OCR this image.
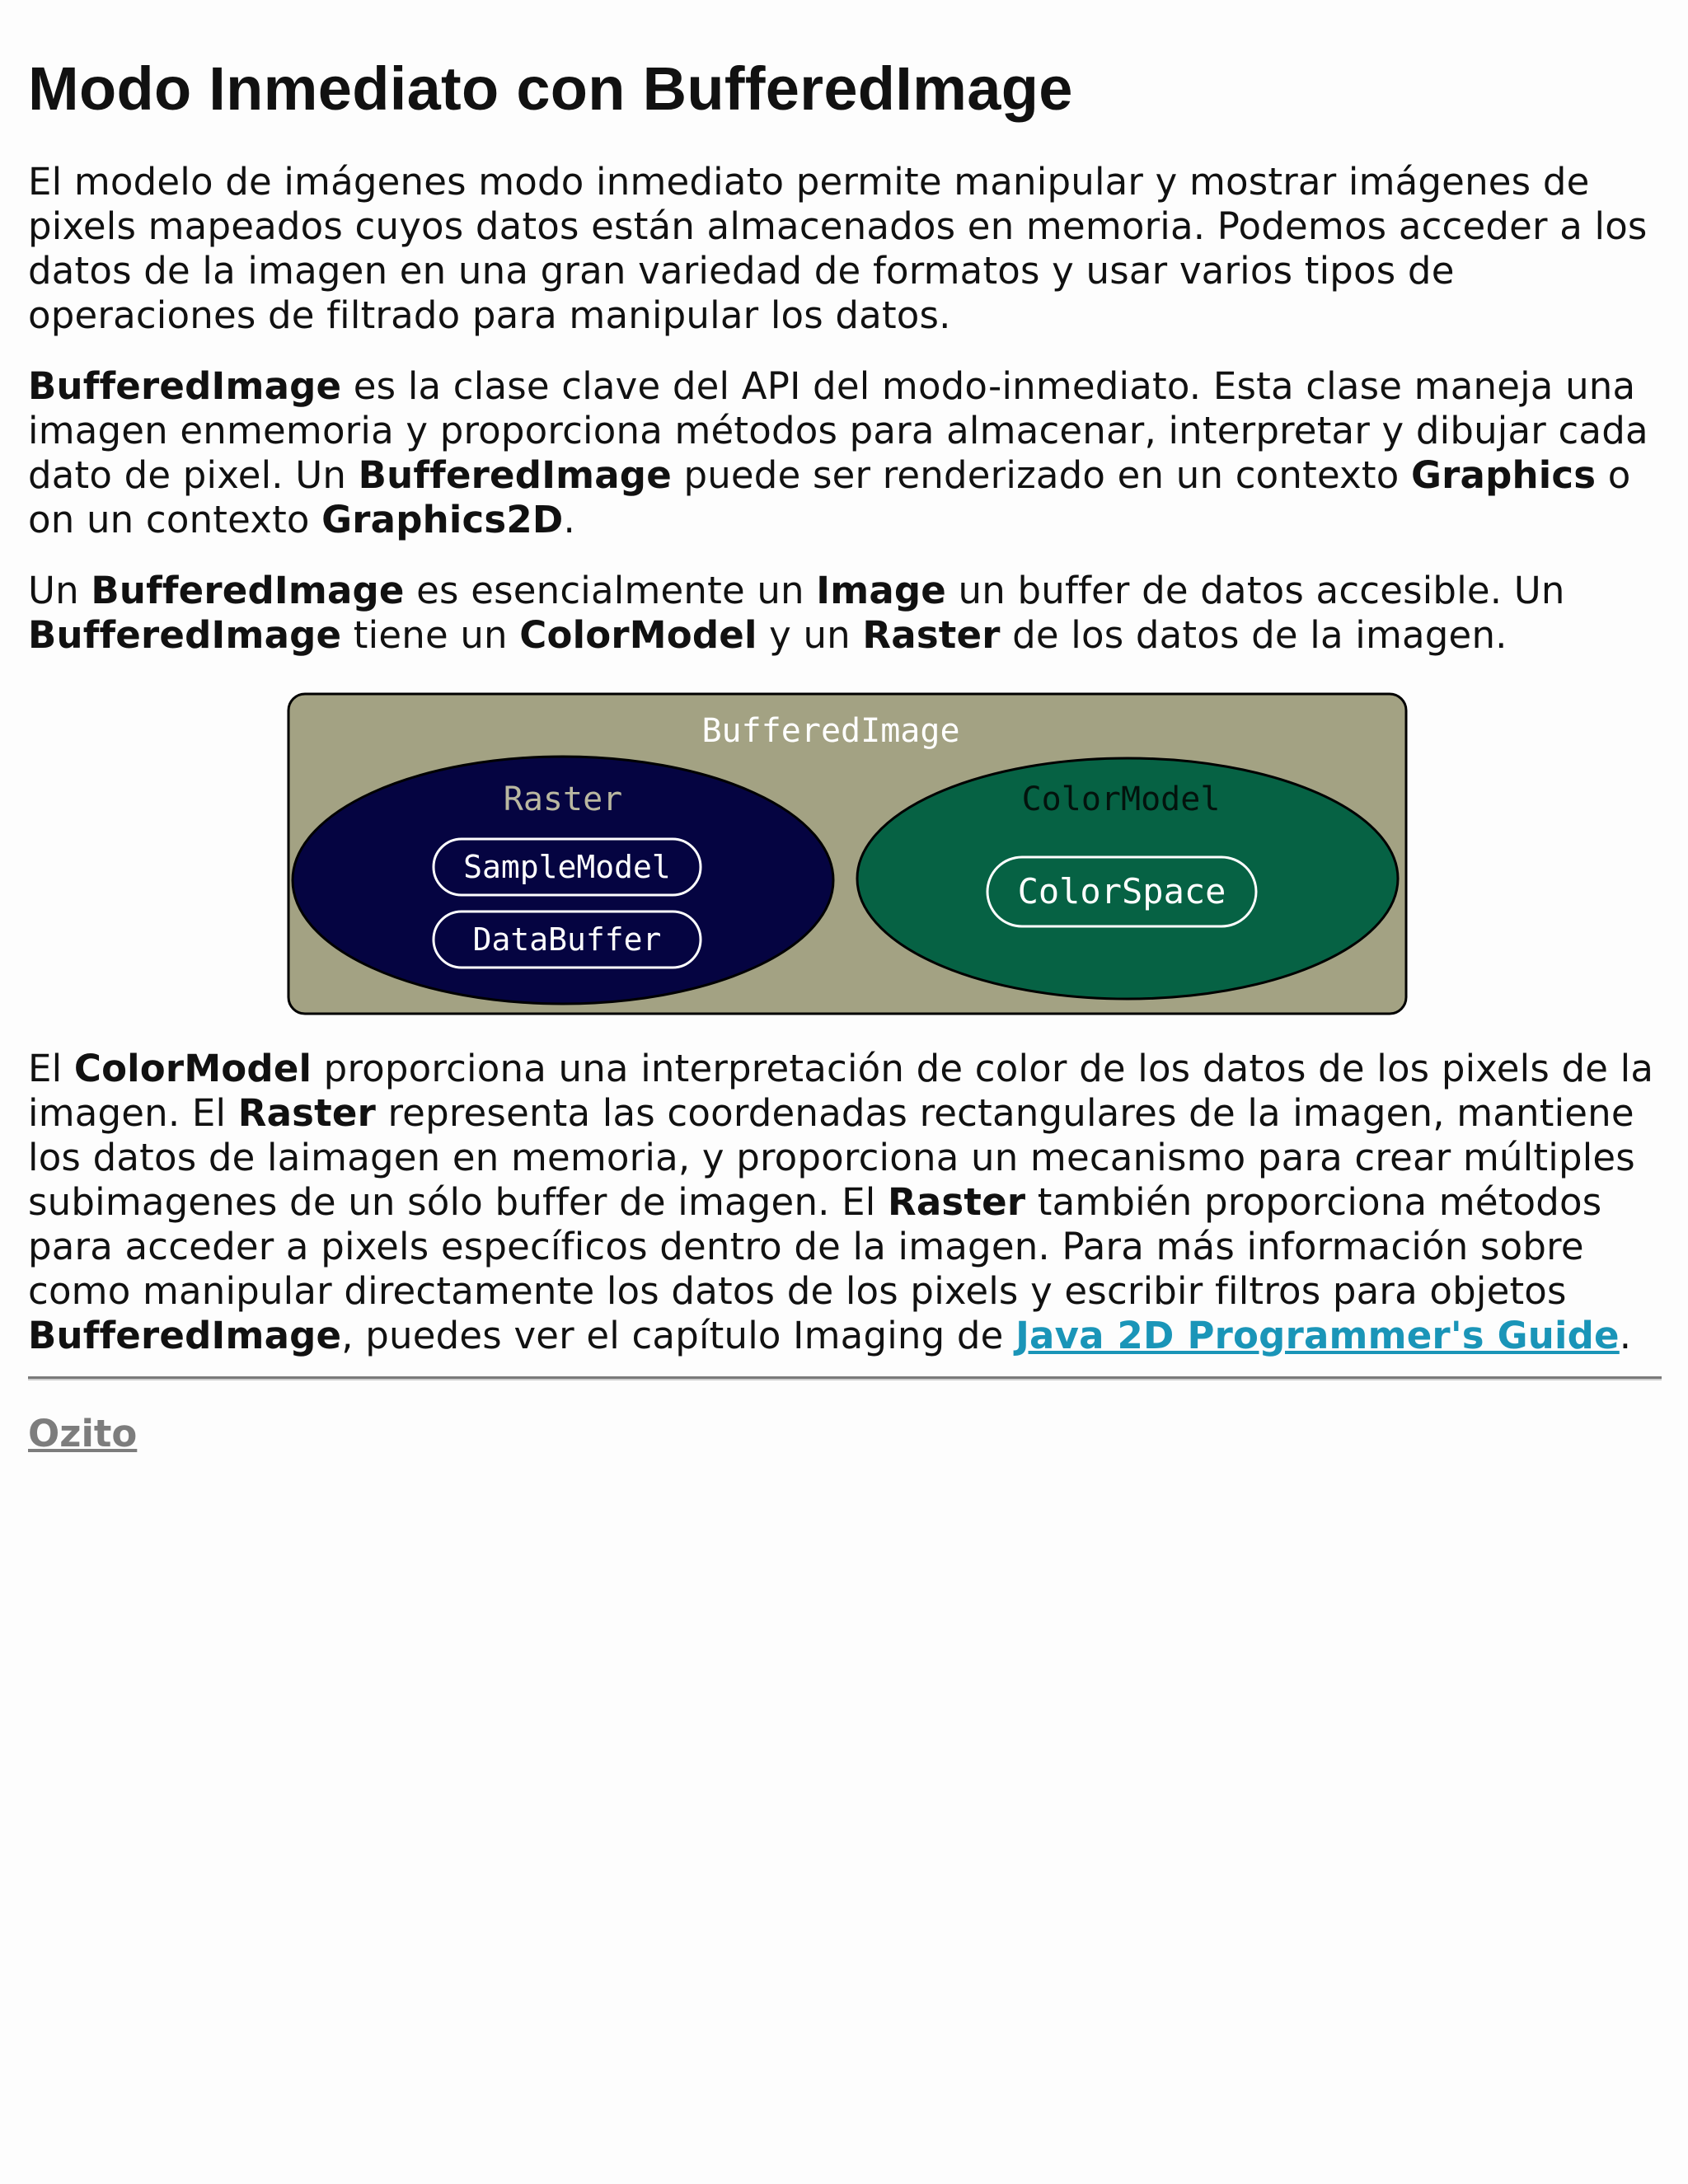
Modo Inmediato con BufferedImage

El modelo de imágenes modo inmediato permite manipular y mostrar imágenes de pixels mapeados cuyos datos están almacenados en memoria. Podemos acceder a los datos de la imagen en una gran variedad de formatos y usar varios tipos de operaciones de filtrado para manipular los datos.

BufferedImage es la clase clave del API del modo-inmediato. Esta clase maneja una imagen enmemoria y proporciona métodos para almacenar, interpretar y dibujar cada dato de pixel. Un BufferedImage puede ser renderizado en un contexto Graphics o on un contexto Graphics2D.

Un BufferedImage es esencialmente un Image un buffer de datos accesible. Un BufferedImage tiene un ColorModel y un Raster de los datos de la imagen.

BufferedImage
Raster
SampleModel
DataBuffer
ColorModel
ColorSpace

El ColorModel proporciona una interpretación de color de los datos de los pixels de la imagen. El Raster representa las coordenadas rectangulares de la imagen, mantiene los datos de laimagen en memoria, y proporciona un mecanismo para crear múltiples subimagenes de un sólo buffer de imagen. El Raster también proporciona métodos para acceder a pixels específicos dentro de la imagen. Para más información sobre como manipular directamente los datos de los pixels y escribir filtros para objetos BufferedImage, puedes ver el capítulo Imaging de Java 2D Programmer's Guide.

Ozito
